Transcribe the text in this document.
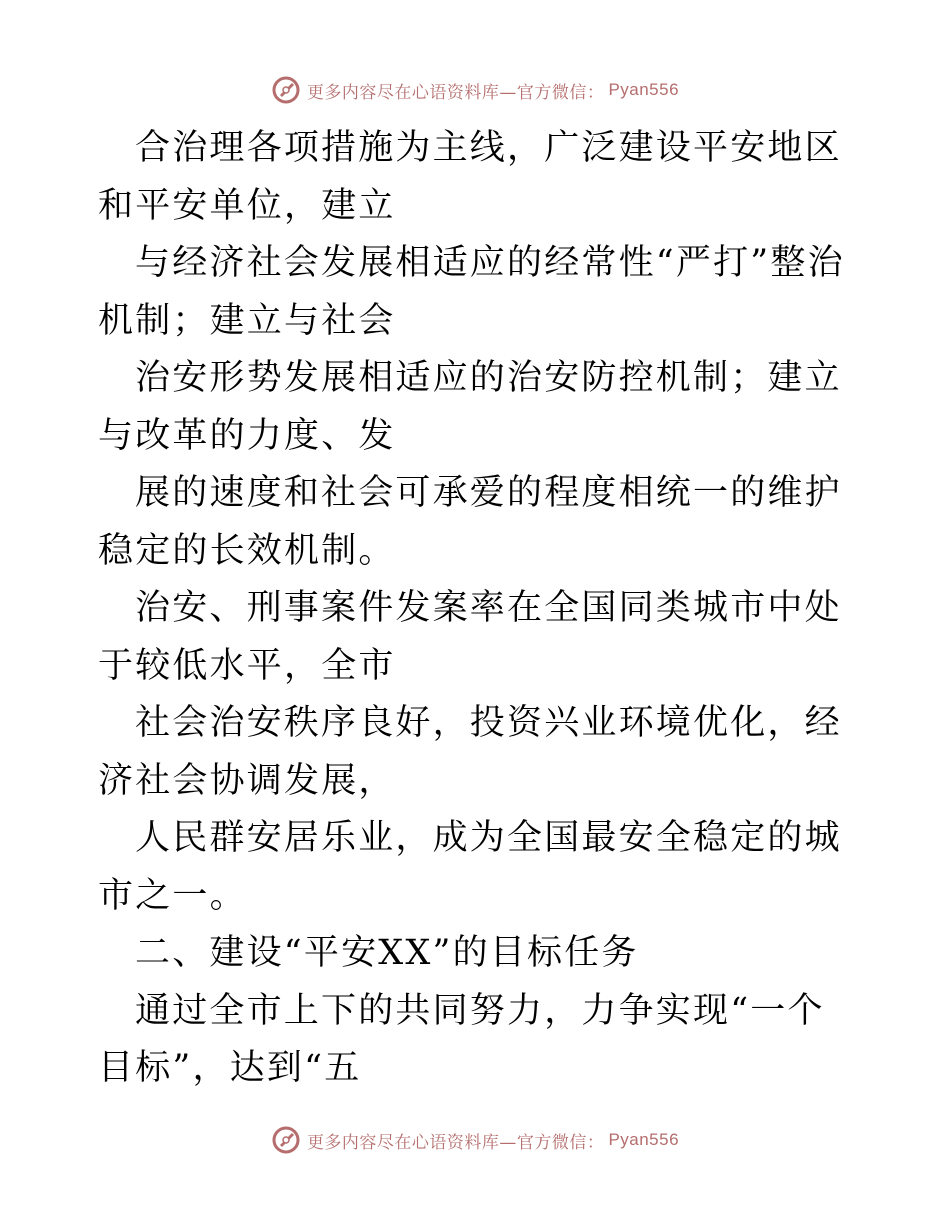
更多内容尽在心语资料库—官方微信： Pyan556

合治理各项措施为主线，广泛建设平安地区和平安单位，建立

与经济社会发展相适应的经常性“严打”整治机制；建立与社会

治安形势发展相适应的治安防控机制；建立与改革的力度、发

展的速度和社会可承爱的程度相统一的维护稳定的长效机制。

治安、刑事案件发案率在全国同类城市中处于较低水平，全市

社会治安秩序良好，投资兴业环境优化，经济社会协调发展，

人民群安居乐业，成为全国最安全稳定的城市之一。

二、建设“平安XX”的目标任务

通过全市上下的共同努力，力争实现“一个目标”，达到“五

更多内容尽在心语资料库—官方微信： Pyan556
